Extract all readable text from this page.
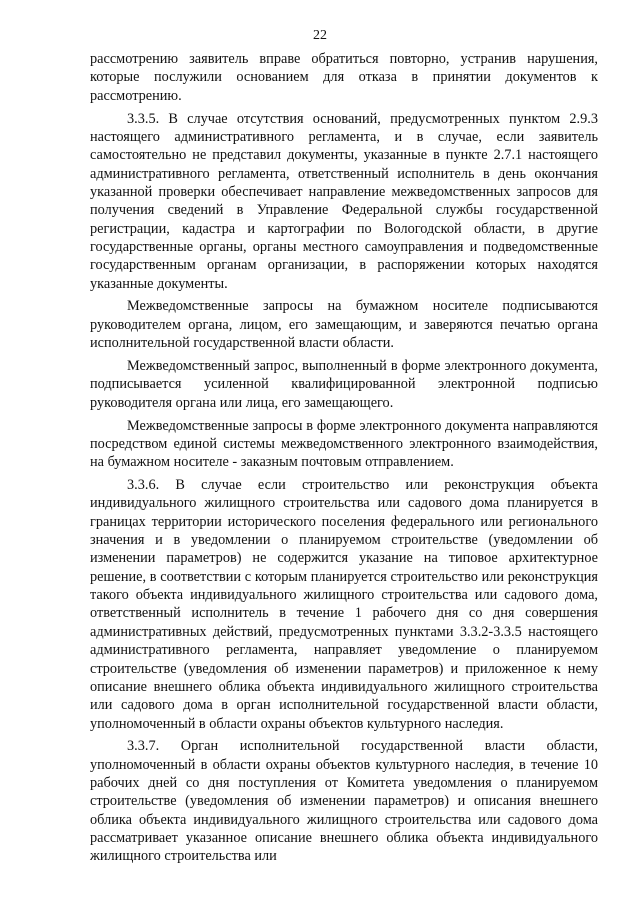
22

рассмотрению заявитель вправе обратиться повторно, устранив нарушения, которые послужили основанием для отказа в принятии документов к рассмотрению.

3.3.5. В случае отсутствия оснований, предусмотренных пунктом 2.9.3 настоящего административного регламента, и в случае, если заявитель самостоятельно не представил документы, указанные в пункте 2.7.1 настоящего административного регламента, ответственный исполнитель в день окончания указанной проверки обеспечивает направление межведомственных запросов для получения сведений в Управление Федеральной службы государственной регистрации, кадастра и картографии по Вологодской области, в другие государственные органы, органы местного самоуправления и подведомственные государственным органам организации, в распоряжении которых находятся указанные документы.

Межведомственные запросы на бумажном носителе подписываются руководителем органа, лицом, его замещающим, и заверяются печатью органа исполнительной государственной власти области.

Межведомственный запрос, выполненный в форме электронного документа, подписывается усиленной квалифицированной электронной подписью руководителя органа или лица, его замещающего.

Межведомственные запросы в форме электронного документа направляются посредством единой системы межведомственного электронного взаимодействия, на бумажном носителе - заказным почтовым отправлением.

3.3.6. В случае если строительство или реконструкция объекта индивидуального жилищного строительства или садового дома планируется в границах территории исторического поселения федерального или регионального значения и в уведомлении о планируемом строительстве (уведомлении об изменении параметров) не содержится указание на типовое архитектурное решение, в соответствии с которым планируется строительство или реконструкция такого объекта индивидуального жилищного строительства или садового дома, ответственный исполнитель в течение 1 рабочего дня со дня совершения административных действий, предусмотренных пунктами 3.3.2-3.3.5 настоящего административного регламента, направляет уведомление о планируемом строительстве (уведомления об изменении параметров) и приложенное к нему описание внешнего облика объекта индивидуального жилищного строительства или садового дома в орган исполнительной государственной власти области, уполномоченный в области охраны объектов культурного наследия.

3.3.7. Орган исполнительной государственной власти области, уполномоченный в области охраны объектов культурного наследия, в течение 10 рабочих дней со дня поступления от Комитета уведомления о планируемом строительстве (уведомления об изменении параметров) и описания внешнего облика объекта индивидуального жилищного строительства или садового дома рассматривает указанное описание внешнего облика объекта индивидуального жилищного строительства или
